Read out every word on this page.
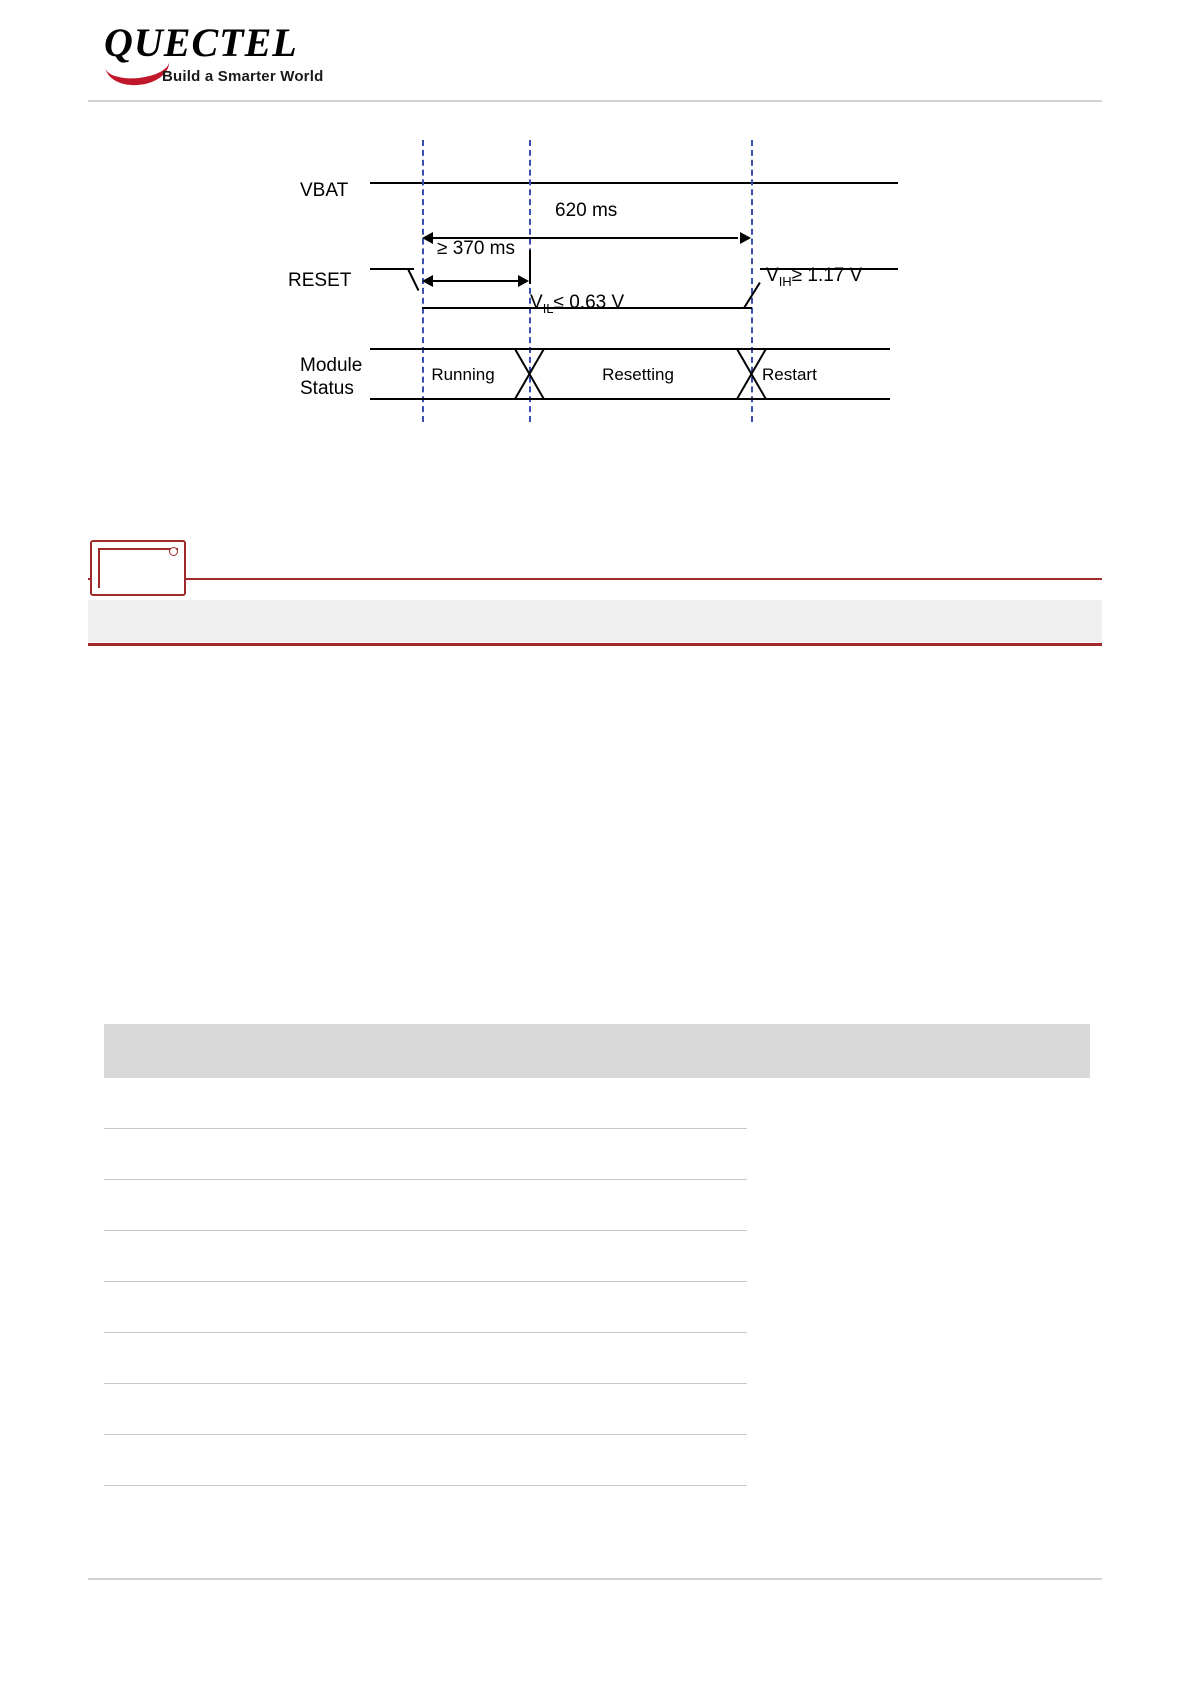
QUECTEL
Build a Smarter World
VBAT
RESET
Module
Status
620 ms
≥ 370 ms
$V_{IL}\le 0.63$ V
$V_{IH}\ge 1.17$ V
Running	Resetting	Restart
